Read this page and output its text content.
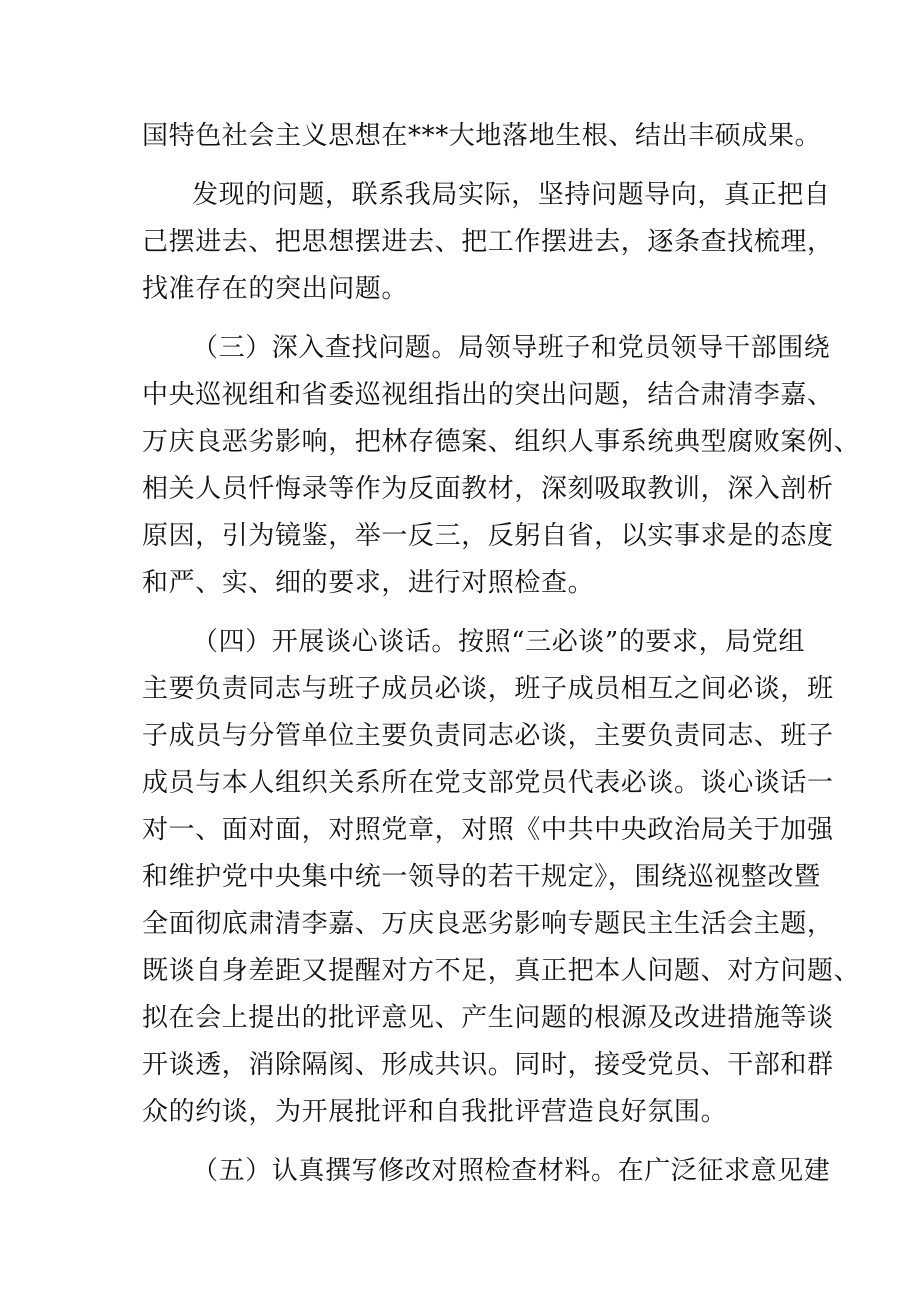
国特色社会主义思想在***大地落地生根、结出丰硕成果。
发现的问题，联系我局实际，坚持问题导向，真正把自
己摆进去、把思想摆进去、把工作摆进去，逐条查找梳理，
找准存在的突出问题。
（三）深入查找问题。局领导班子和党员领导干部围绕
中央巡视组和省委巡视组指出的突出问题，结合肃清李嘉、
万庆良恶劣影响，把林存德案、组织人事系统典型腐败案例、
相关人员忏悔录等作为反面教材，深刻吸取教训，深入剖析
原因，引为镜鉴，举一反三，反躬自省，以实事求是的态度
和严、实、细的要求，进行对照检查。
（四）开展谈心谈话。按照“三必谈”的要求，局党组
主要负责同志与班子成员必谈，班子成员相互之间必谈，班
子成员与分管单位主要负责同志必谈，主要负责同志、班子
成员与本人组织关系所在党支部党员代表必谈。谈心谈话一
对一、面对面，对照党章，对照《中共中央政治局关于加强
和维护党中央集中统一领导的若干规定》，围绕巡视整改暨
全面彻底肃清李嘉、万庆良恶劣影响专题民主生活会主题，
既谈自身差距又提醒对方不足，真正把本人问题、对方问题、
拟在会上提出的批评意见、产生问题的根源及改进措施等谈
开谈透，消除隔阂、形成共识。同时，接受党员、干部和群
众的约谈，为开展批评和自我批评营造良好氛围。
（五）认真撰写修改对照检查材料。在广泛征求意见建
